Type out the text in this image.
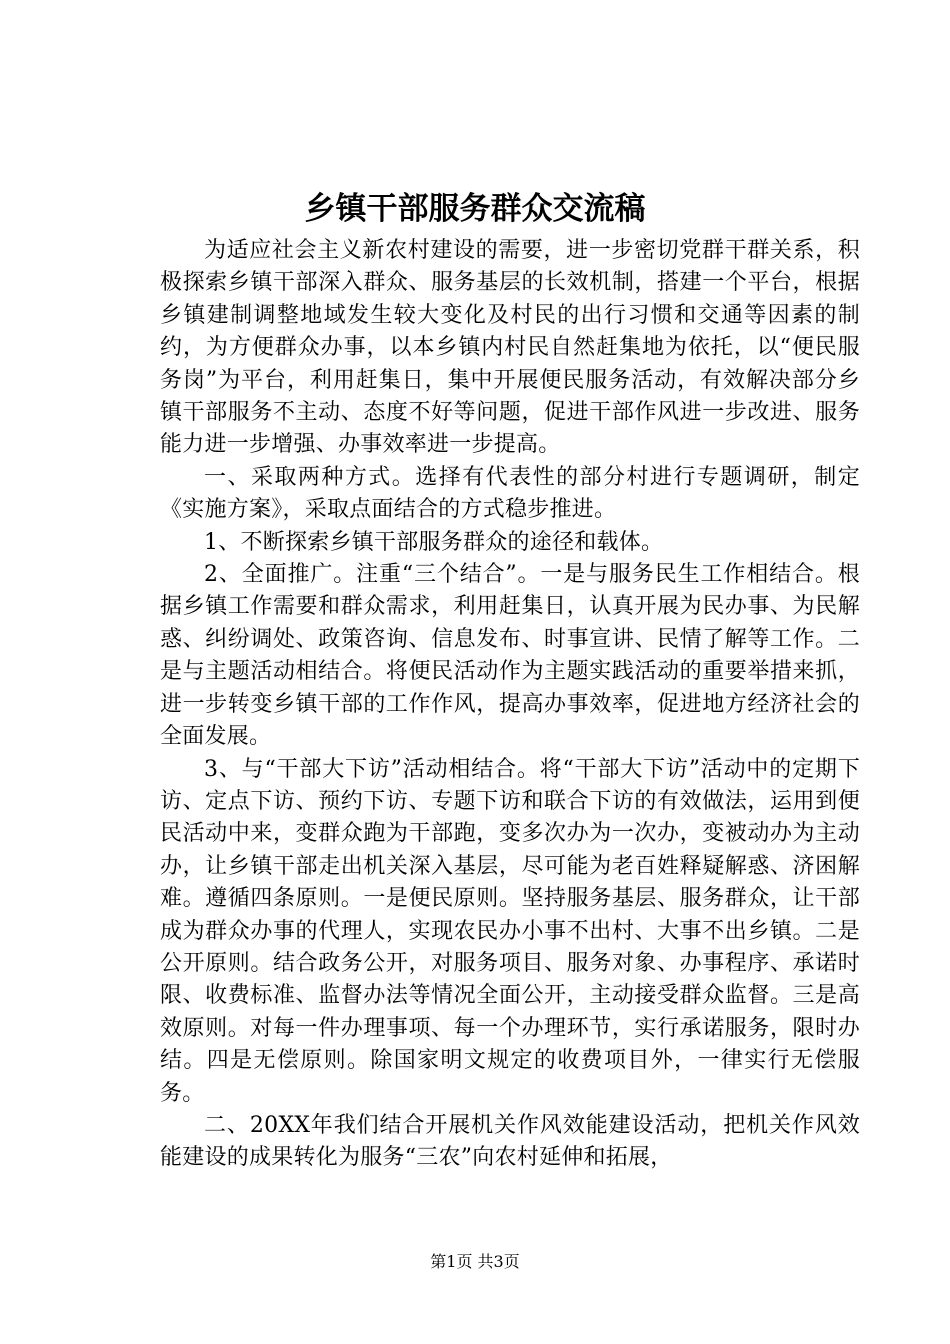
乡镇干部服务群众交流稿

为适应社会主义新农村建设的需要，进一步密切党群干群关系，积极探索乡镇干部深入群众、服务基层的长效机制，搭建一个平台，根据乡镇建制调整地域发生较大变化及村民的出行习惯和交通等因素的制约，为方便群众办事，以本乡镇内村民自然赶集地为依托，以“便民服务岗”为平台，利用赶集日，集中开展便民服务活动，有效解决部分乡镇干部服务不主动、态度不好等问题，促进干部作风进一步改进、服务能力进一步增强、办事效率进一步提高。

一、采取两种方式。选择有代表性的部分村进行专题调研，制定《实施方案》，采取点面结合的方式稳步推进。

1、不断探索乡镇干部服务群众的途径和载体。

2、全面推广。注重“三个结合”。一是与服务民生工作相结合。根据乡镇工作需要和群众需求，利用赶集日，认真开展为民办事、为民解惑、纠纷调处、政策咨询、信息发布、时事宣讲、民情了解等工作。二是与主题活动相结合。将便民活动作为主题实践活动的重要举措来抓，进一步转变乡镇干部的工作作风，提高办事效率，促进地方经济社会的全面发展。

3、与“干部大下访”活动相结合。将“干部大下访”活动中的定期下访、定点下访、预约下访、专题下访和联合下访的有效做法，运用到便民活动中来，变群众跑为干部跑，变多次办为一次办，变被动办为主动办，让乡镇干部走出机关深入基层，尽可能为老百姓释疑解惑、济困解难。遵循四条原则。一是便民原则。坚持服务基层、服务群众，让干部成为群众办事的代理人，实现农民办小事不出村、大事不出乡镇。二是公开原则。结合政务公开，对服务项目、服务对象、办事程序、承诺时限、收费标准、监督办法等情况全面公开，主动接受群众监督。三是高效原则。对每一件办理事项、每一个办理环节，实行承诺服务，限时办结。四是无偿原则。除国家明文规定的收费项目外，一律实行无偿服务。

二、20XX年我们结合开展机关作风效能建设活动，把机关作风效能建设的成果转化为服务“三农”向农村延伸和拓展，

第1页 共3页
